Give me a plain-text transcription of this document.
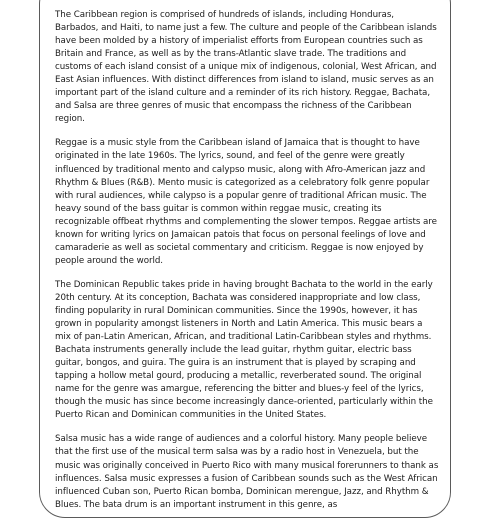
The Caribbean region is comprised of hundreds of islands, including Honduras, Barbados, and Haiti, to name just a few. The culture and people of the Caribbean islands have been molded by a history of imperialist efforts from European countries such as Britain and France, as well as by the trans-Atlantic slave trade. The traditions and customs of each island consist of a unique mix of indigenous, colonial, West African, and East Asian influences. With distinct differences from island to island, music serves as an important part of the island culture and a reminder of its rich history. Reggae, Bachata, and Salsa are three genres of music that encompass the richness of the Caribbean region.

Reggae is a music style from the Caribbean island of Jamaica that is thought to have originated in the late 1960s. The lyrics, sound, and feel of the genre were greatly influenced by traditional mento and calypso music, along with Afro-American jazz and Rhythm & Blues (R&B). Mento music is categorized as a celebratory folk genre popular with rural audiences, while calypso is a popular genre of traditional African music. The heavy sound of the bass guitar is common within reggae music, creating its recognizable offbeat rhythms and complementing the slower tempos. Reggae artists are known for writing lyrics on Jamaican patois that focus on personal feelings of love and camaraderie as well as societal commentary and criticism. Reggae is now enjoyed by people around the world.

The Dominican Republic takes pride in having brought Bachata to the world in the early 20th century. At its conception, Bachata was considered inappropriate and low class, finding popularity in rural Dominican communities. Since the 1990s, however, it has grown in popularity amongst listeners in North and Latin America. This music bears a mix of pan-Latin American, African, and traditional Latin-Caribbean styles and rhythms. Bachata instruments generally include the lead guitar, rhythm guitar, electric bass guitar, bongos, and guira. The guira is an instrument that is played by scraping and tapping a hollow metal gourd, producing a metallic, reverberated sound. The original name for the genre was amargue, referencing the bitter and blues-y feel of the lyrics, though the music has since become increasingly dance-oriented, particularly within the Puerto Rican and Dominican communities in the United States.

Salsa music has a wide range of audiences and a colorful history. Many people believe that the first use of the musical term salsa was by a radio host in Venezuela, but the music was originally conceived in Puerto Rico with many musical forerunners to thank as influences. Salsa music expresses a fusion of Caribbean sounds such as the West African influenced Cuban son, Puerto Rican bomba, Dominican merengue, Jazz, and Rhythm & Blues. The bata drum is an important instrument in this genre, as
